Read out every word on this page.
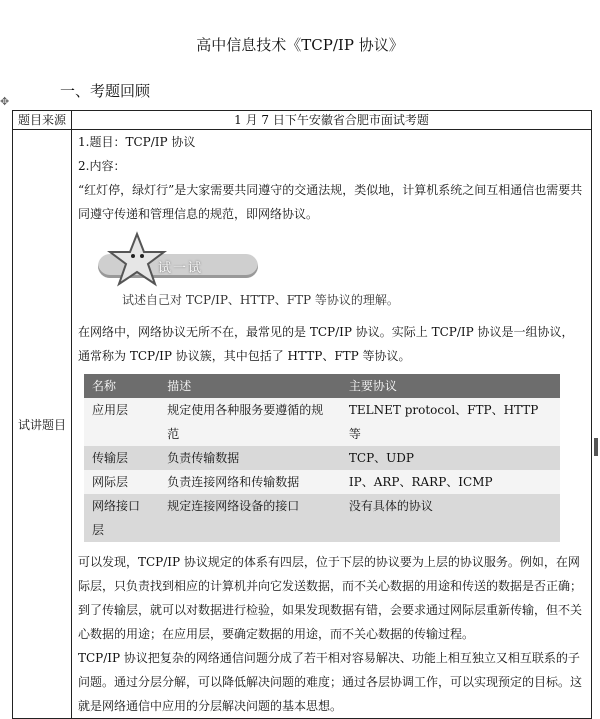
高中信息技术《TCP/IP 协议》
一、考题回顾
✥
题目来源	1 月 7 日下午安徽省合肥市面试考题
试讲题目	

1.题目：TCP/IP 协议

2.内容：

“红灯停，绿灯行”是大家需要共同遵守的交通法规，类似地，计算机系统之间互相通信也需要共同遵守传递和管理信息的规范，即网络协议。

试一试
试述自己对 TCP/IP、HTTP、FTP 等协议的理解。

在网络中，网络协议无所不在，最常见的是 TCP/IP 协议。实际上 TCP/IP 协议是一组协议，通常称为 TCP/IP 协议簇，其中包括了 HTTP、FTP 等协议。

名称	描述	主要协议
应用层	规定使用各种服务要遵循的规范	TELNET protocol、FTP、HTTP 等
传输层	负责传输数据	TCP、UDP
网际层	负责连接网络和传输数据	IP、ARP、RARP、ICMP
网络接口层	规定连接网络设备的接口	没有具体的协议

可以发现，TCP/IP 协议规定的体系有四层，位于下层的协议要为上层的协议服务。例如，在网际层，只负责找到相应的计算机并向它发送数据，而不关心数据的用途和传送的数据是否正确；到了传输层，就可以对数据进行检验，如果发现数据有错，会要求通过网际层重新传输，但不关心数据的用途；在应用层，要确定数据的用途，而不关心数据的传输过程。

TCP/IP 协议把复杂的网络通信问题分成了若干相对容易解决、功能上相互独立又相互联系的子问题。通过分层分解，可以降低解决问题的难度；通过各层协调工作，可以实现预定的目标。这就是网络通信中应用的分层解决问题的基本思想。
